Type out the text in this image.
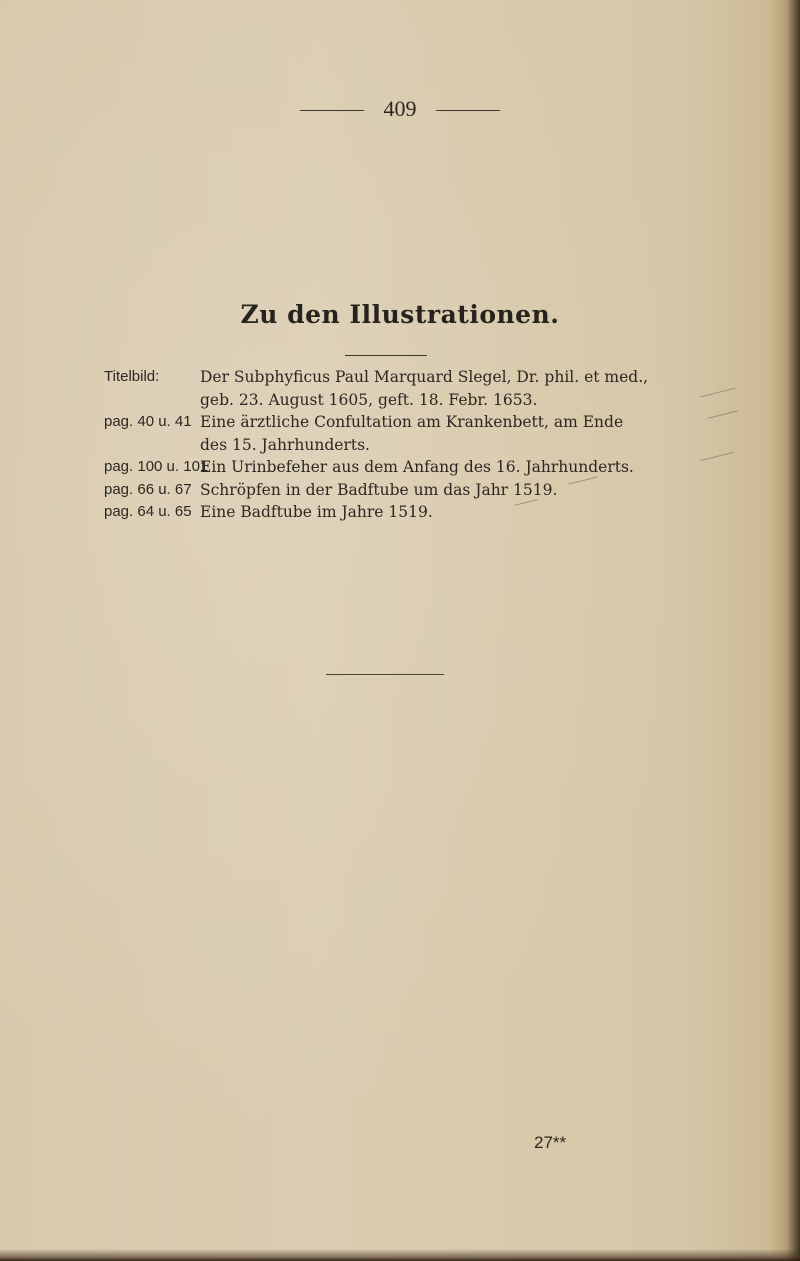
409
Zu den Illustrationen.
Titelbild:	Der Subphyficus Paul Marquard Slegel, Dr. phil. et med.,
geb. 23. August 1605, geft. 18. Febr. 1653.
pag. 40 u. 41 Eine ärztliche Confultation am Krankenbett, am Ende
des 15. Jahrhunderts.
pag. 100 u. 101
Ein Urinbefeher aus dem Anfang des 16. Jahrhunderts.
pag. 66 u. 67 Schröpfen in der Badftube um das Jahr 1519.
pag. 64 u. 65 Eine Badftube im Jahre 1519.
27**
